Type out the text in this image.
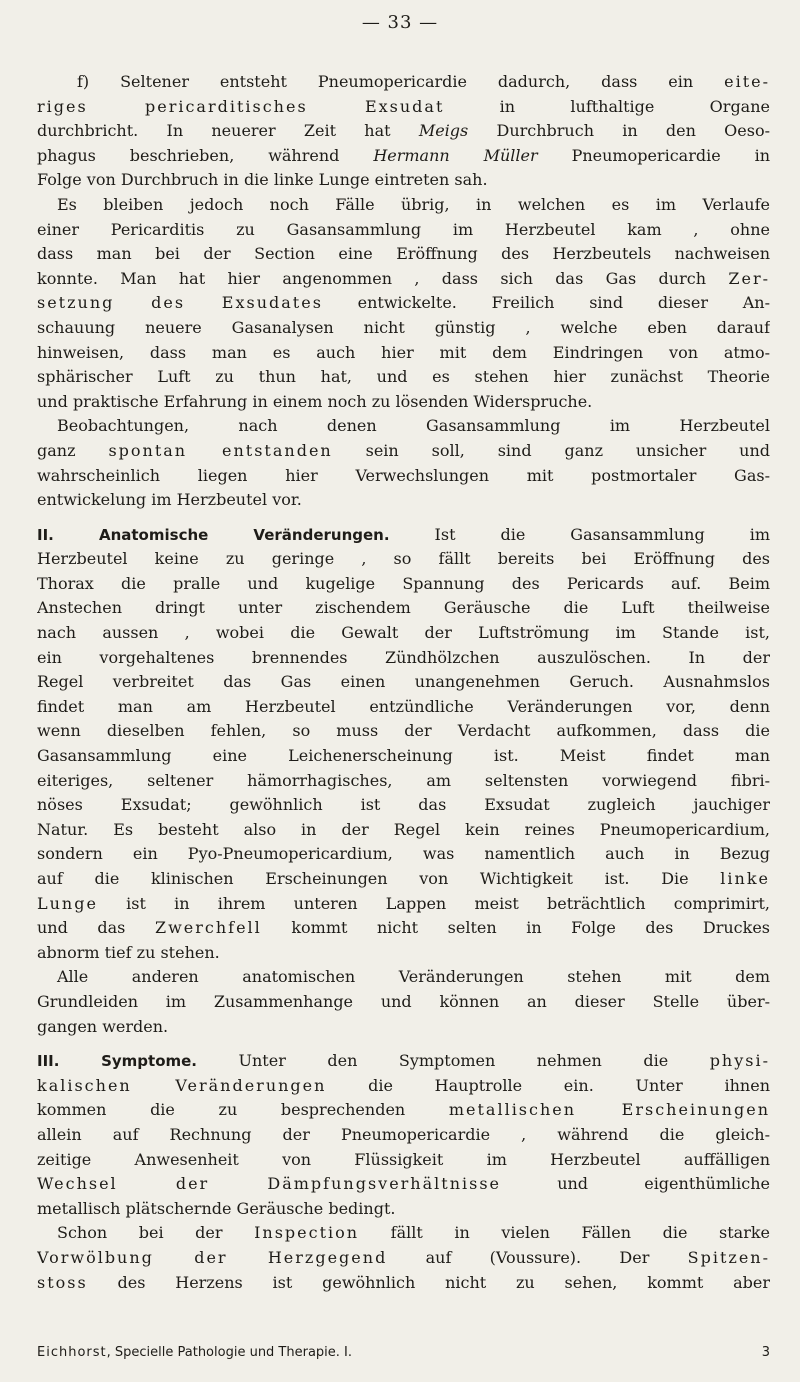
— 33 —
f) Seltener entsteht Pneumopericardie dadurch, dass ein eite-
riges pericarditisches Exsudat in lufthaltige Organe
durchbricht. In neuerer Zeit hat Meigs Durchbruch in den Oeso-
phagus beschrieben, während Hermann Müller Pneumopericardie in
Folge von Durchbruch in die linke Lunge eintreten sah.
Es bleiben jedoch noch Fälle übrig, in welchen es im Verlaufe
einer Pericarditis zu Gasansammlung im Herzbeutel kam , ohne
dass man bei der Section eine Eröffnung des Herzbeutels nachweisen
konnte. Man hat hier angenommen , dass sich das Gas durch Zer-
setzung des Exsudates entwickelte. Freilich sind dieser An-
schauung neuere Gasanalysen nicht günstig , welche eben darauf
hinweisen, dass man es auch hier mit dem Eindringen von atmo-
sphärischer Luft zu thun hat, und es stehen hier zunächst Theorie
und praktische Erfahrung in einem noch zu lösenden Widerspruche.
Beobachtungen, nach denen Gasansammlung im Herzbeutel
ganz spontan entstanden sein soll, sind ganz unsicher und
wahrscheinlich liegen hier Verwechslungen mit postmortaler Gas-
entwickelung im Herzbeutel vor.
II. Anatomische Veränderungen. Ist die Gasansammlung im
Herzbeutel keine zu geringe , so fällt bereits bei Eröffnung des
Thorax die pralle und kugelige Spannung des Pericards auf. Beim
Anstechen dringt unter zischendem Geräusche die Luft theilweise
nach aussen , wobei die Gewalt der Luftströmung im Stande ist,
ein vorgehaltenes brennendes Zündhölzchen auszulöschen. In der
Regel verbreitet das Gas einen unangenehmen Geruch. Ausnahmslos
findet man am Herzbeutel entzündliche Veränderungen vor, denn
wenn dieselben fehlen, so muss der Verdacht aufkommen, dass die
Gasansammlung eine Leichenerscheinung ist. Meist findet man
eiteriges, seltener hämorrhagisches, am seltensten vorwiegend fibri-
nöses Exsudat; gewöhnlich ist das Exsudat zugleich jauchiger
Natur. Es besteht also in der Regel kein reines Pneumopericardium,
sondern ein Pyo-Pneumopericardium, was namentlich auch in Bezug
auf die klinischen Erscheinungen von Wichtigkeit ist. Die linke
Lunge ist in ihrem unteren Lappen meist beträchtlich comprimirt,
und das Zwerchfell kommt nicht selten in Folge des Druckes
abnorm tief zu stehen.
Alle anderen anatomischen Veränderungen stehen mit dem
Grundleiden im Zusammenhange und können an dieser Stelle über-
gangen werden.
III. Symptome. Unter den Symptomen nehmen die physi-
kalischen Veränderungen die Hauptrolle ein. Unter ihnen
kommen die zu besprechenden metallischen Erscheinungen
allein auf Rechnung der Pneumopericardie , während die gleich-
zeitige Anwesenheit von Flüssigkeit im Herzbeutel auffälligen
Wechsel der Dämpfungsverhältnisse und eigenthümliche
metallisch plätschernde Geräusche bedingt.
Schon bei der Inspection fällt in vielen Fällen die starke
Vorwölbung der Herzgegend auf (Voussure). Der Spitzen-
stoss des Herzens ist gewöhnlich nicht zu sehen, kommt aber
Eichhorst, Specielle Pathologie und Therapie. I.	3
